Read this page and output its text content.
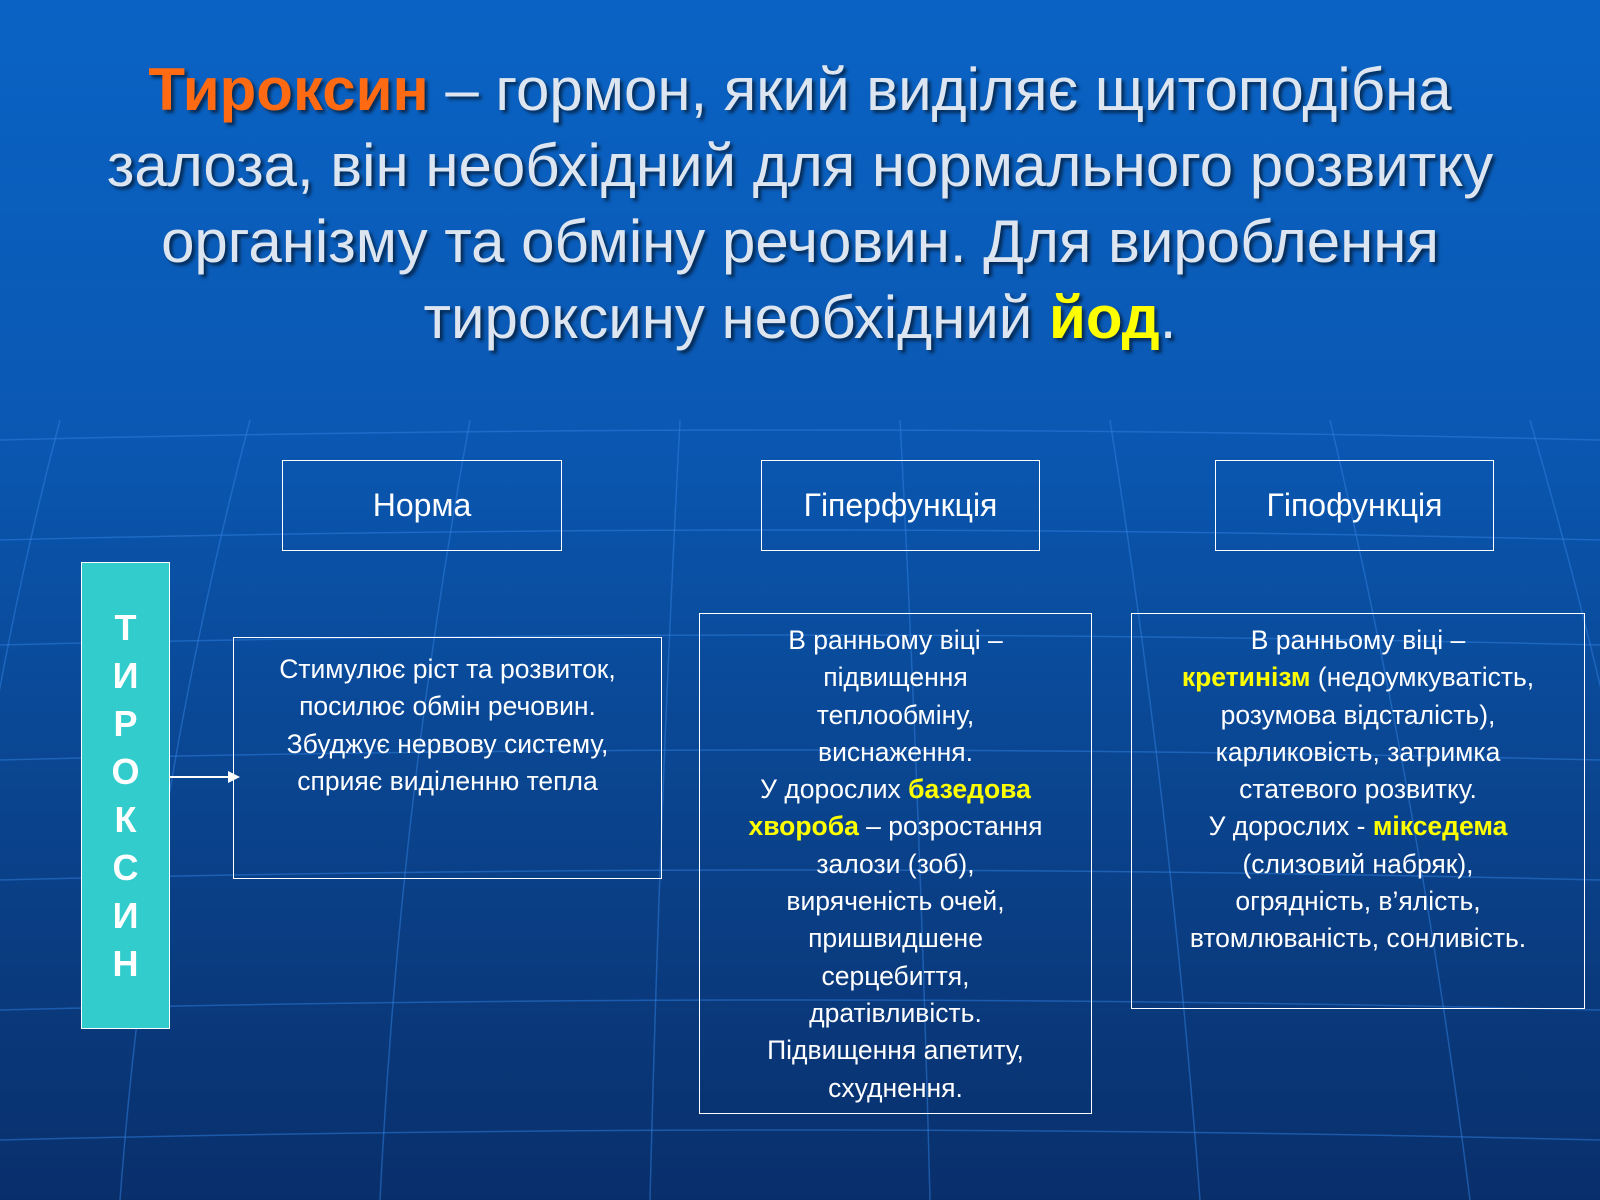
Тироксин – гормон, який виділяє щитоподібна залоза, він необхідний для нормального розвитку організму та обміну речовин. Для вироблення тироксину необхідний йод.
Норма	Гіперфункція	Гіпофункція
Т
И
Р
О
К
С
И
Н
Стимулює ріст та розвиток,
посилює обмін речовин.
Збуджує нервову систему,
сприяє виділенню тепла
В ранньому віці –
підвищення
теплообміну,
виснаження.
У дорослих базедова
хвороба – розростання
залози (зоб),
виряченість очей,
пришвидшене
серцебиття,
дратівливість.
Підвищення апетиту,
схуднення.
В ранньому віці –
кретинізм (недоумкуватість,
розумова відсталість),
карликовість, затримка
статевого розвитку.
У дорослих - мікседема
(слизовий набряк),
огрядність, в’ялість,
втомлюваність, сонливість.
